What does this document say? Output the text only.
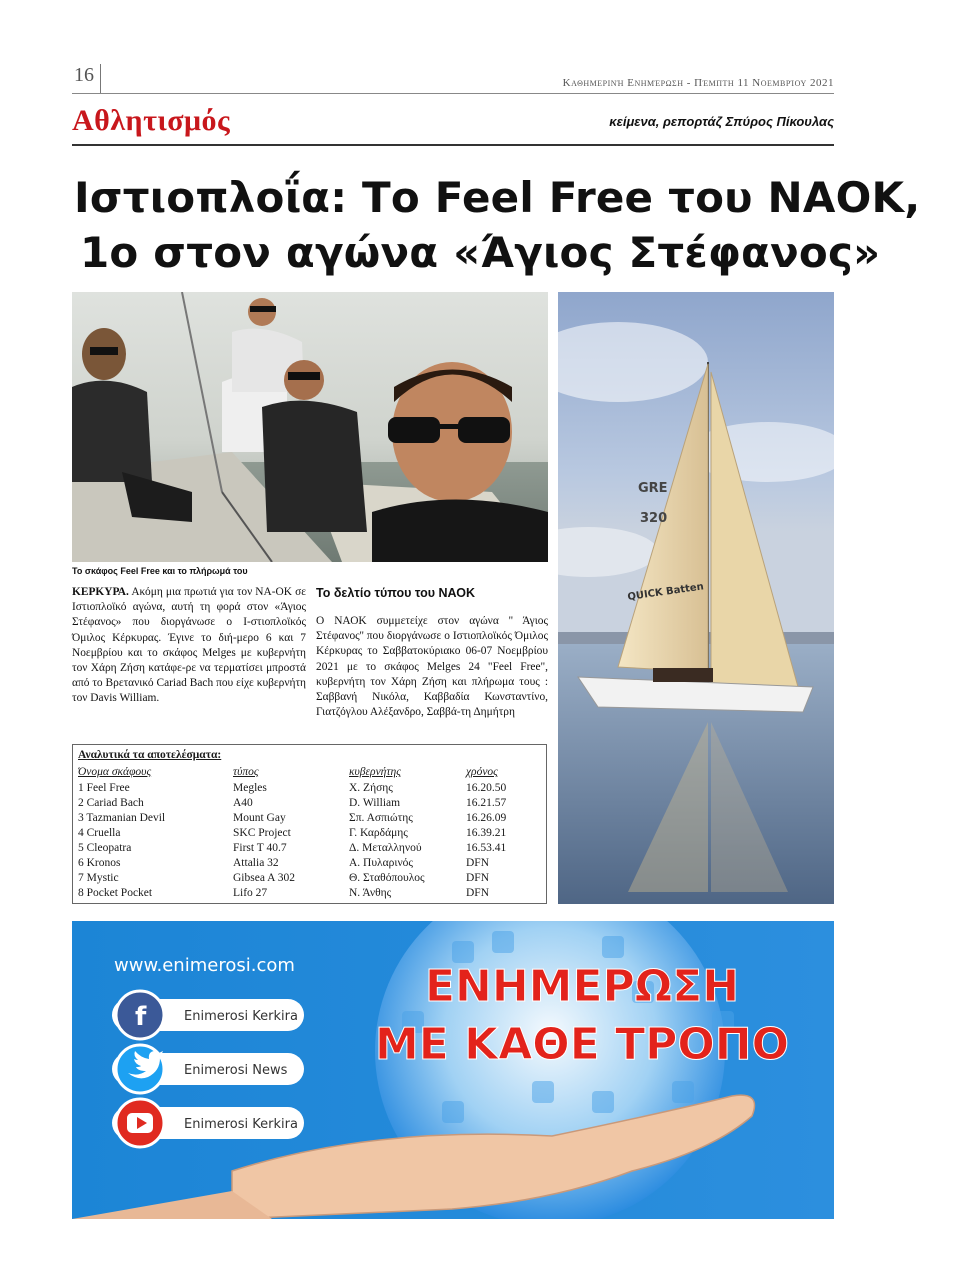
16	Καθημερινή Ενημέρωση - Πέμπτη 11 Νοεμβρίου 2021
Αθλητισμός	κείμενα, ρεπορτάζ Σπύρος Πίκουλας
Ιστιοπλοΐα: Το Feel Free του ΝΑΟΚ,
1ο στον αγώνα «Άγιος Στέφανος»
Το σκάφος Feel Free και το πλήρωμά του
GRE
320
QUICK Batten
ΚΕΡΚΥΡΑ. Ακόμη μια πρωτιά για τον ΝΑ-ΟΚ σε Ιστιοπλοϊκό αγώνα, αυτή τη φορά στον «Άγιος Στέφανος» που διοργάνωσε ο Ι-στιοπλοϊκός Όμιλος Κέρκυρας. Έγινε το διή-μερο 6 και 7 Νοεμβρίου και το σκάφος Melges με κυβερνήτη τον Χάρη Ζήση κατάφε-ρε να τερματίσει μπροστά από το Βρετανικό Cariad Bach που είχε κυβερνήτη τον Davis William.
Το δελτίο τύπου του ΝΑΟΚ
Ο ΝΑΟΚ συμμετείχε στον αγώνα '' Άγιος Στέφανος'' που διοργάνωσε ο Ιστιοπλοϊκός Όμιλος Κέρκυρας το Σαββατοκύριακο 06-07 Νοεμβρίου 2021 με το σκάφος Melges 24 "Feel Free", κυβερνήτη τον Χάρη Ζήση και πλήρωμα τους : Σαββανή Νικόλα, Καββαδία Κωνσταντίνο, Γιατζόγλου Αλέξανδρο, Σαββά-τη Δημήτρη
Αναλυτικά τα αποτελέσματα:
Όνομα σκάφους	τύπος	κυβερνήτης	χρόνος
1 Feel Free	Megles	Χ. Ζήσης	16.20.50
2 Cariad Bach	A40	D. William	16.21.57
3 Tazmanian Devil	Mount Gay	Σπ. Ασπιώτης	16.26.09
4 Cruella	SKC Project	Γ. Καρδάμης	16.39.21
5 Cleopatra	First T 40.7	Δ. Μεταλληνού	16.53.41
6 Kronos	Attalia 32	Α. Πυλαρινός	DFN
7 Mystic	Gibsea A 302	Θ. Σταθόπουλος	DFN
8 Pocket Pocket	Lifo 27	Ν. Άνθης	DFN
www.enimerosi.com
f	Enimerosi Kerkira
Enimerosi News
Enimerosi Kerkira
ΕΝΗΜΕΡΩΣΗ
ΜΕ ΚΑΘΕ ΤΡΟΠΟ
